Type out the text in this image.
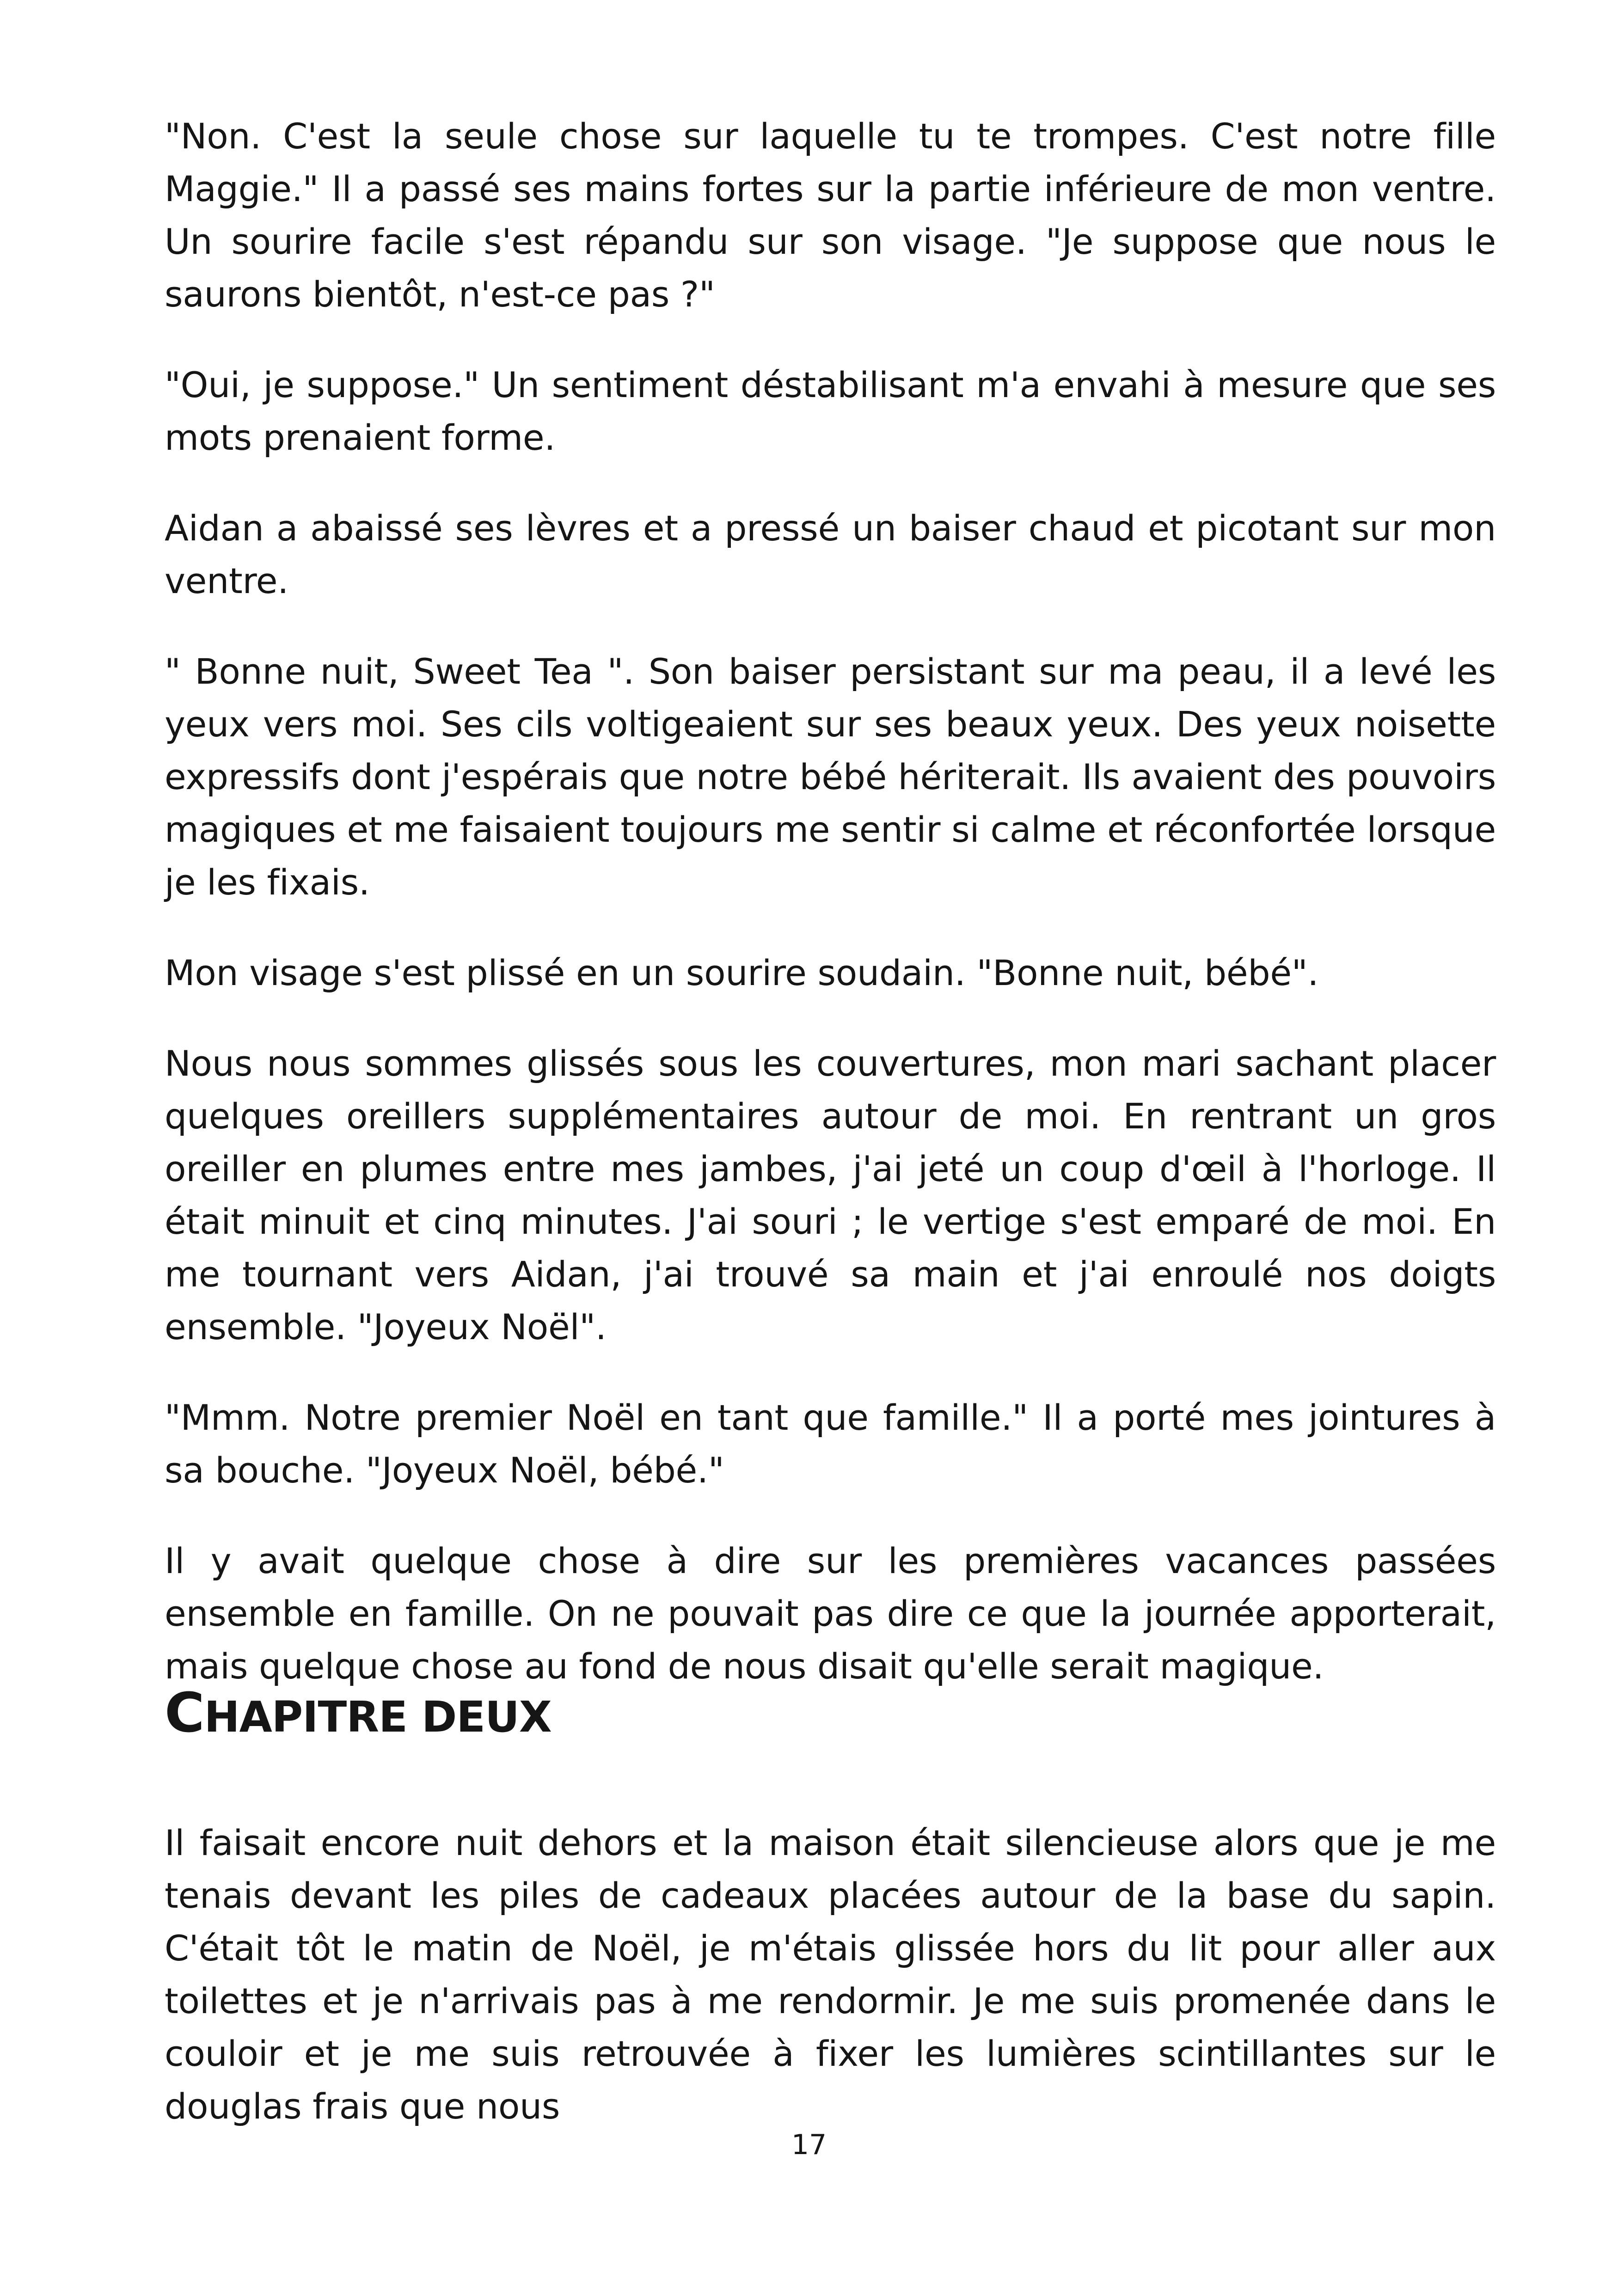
"Non. C'est la seule chose sur laquelle tu te trompes. C'est notre fille Maggie." Il a passé ses mains fortes sur la partie inférieure de mon ventre. Un sourire facile s'est répandu sur son visage. "Je suppose que nous le saurons bientôt, n'est-ce pas ?"

"Oui, je suppose." Un sentiment déstabilisant m'a envahi à mesure que ses mots prenaient forme.

Aidan a abaissé ses lèvres et a pressé un baiser chaud et picotant sur mon ventre.

" Bonne nuit, Sweet Tea ". Son baiser persistant sur ma peau, il a levé les yeux vers moi. Ses cils voltigeaient sur ses beaux yeux. Des yeux noisette expressifs dont j'espérais que notre bébé hériterait. Ils avaient des pouvoirs magiques et me faisaient toujours me sentir si calme et réconfortée lorsque je les fixais.

Mon visage s'est plissé en un sourire soudain. "Bonne nuit, bébé".

Nous nous sommes glissés sous les couvertures, mon mari sachant placer quelques oreillers supplémentaires autour de moi. En rentrant un gros oreiller en plumes entre mes jambes, j'ai jeté un coup d'œil à l'horloge. Il était minuit et cinq minutes. J'ai souri ; le vertige s'est emparé de moi. En me tournant vers Aidan, j'ai trouvé sa main et j'ai enroulé nos doigts ensemble. "Joyeux Noël".

"Mmm. Notre premier Noël en tant que famille." Il a porté mes jointures à sa bouche. "Joyeux Noël, bébé."

Il y avait quelque chose à dire sur les premières vacances passées ensemble en famille. On ne pouvait pas dire ce que la journée apporterait, mais quelque chose au fond de nous disait qu'elle serait magique.

CHAPITRE DEUX

Il faisait encore nuit dehors et la maison était silencieuse alors que je me tenais devant les piles de cadeaux placées autour de la base du sapin. C'était tôt le matin de Noël, je m'étais glissée hors du lit pour aller aux toilettes et je n'arrivais pas à me rendormir. Je me suis promenée dans le couloir et je me suis retrouvée à fixer les lumières scintillantes sur le douglas frais que nous

17
